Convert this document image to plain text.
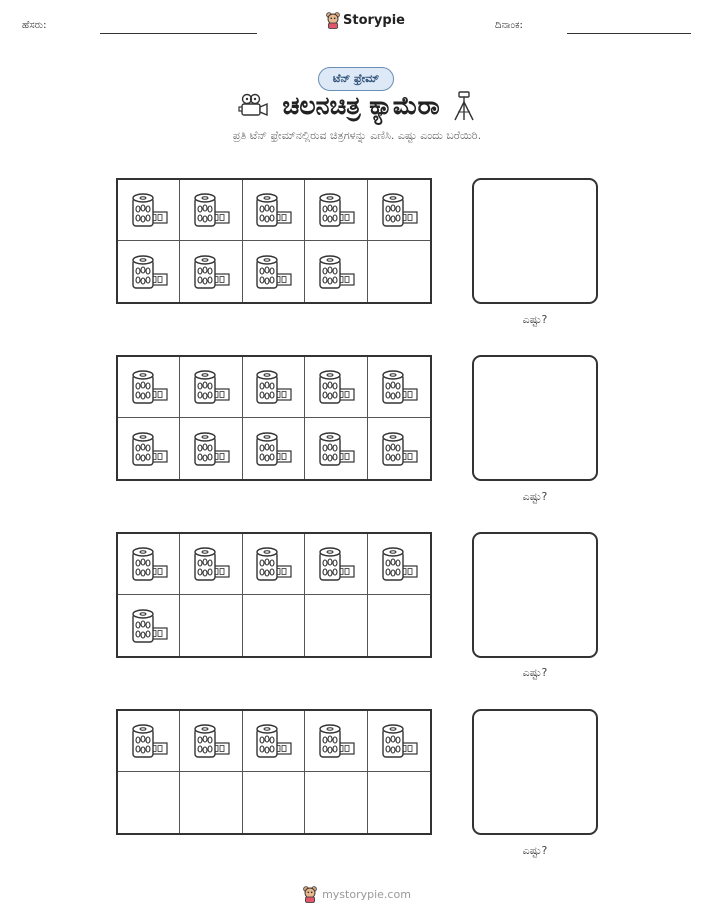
ಹೆಸರು:	Storypie	ದಿನಾಂಕ:
ಟೆನ್ ಫ್ರೇಮ್
ಚಲನಚಿತ್ರ ಕ್ಯಾಮೆರಾ
ಪ್ರತಿ ಟೆನ್ ಫ್ರೇಮ್‌ನಲ್ಲಿರುವ ಚಿತ್ರಗಳನ್ನು ಎಣಿಸಿ. ಎಷ್ಟು ಎಂದು ಬರೆಯಿರಿ.
ಎಷ್ಟು?
ಎಷ್ಟು?
ಎಷ್ಟು?
ಎಷ್ಟು?
mystorypie.com
